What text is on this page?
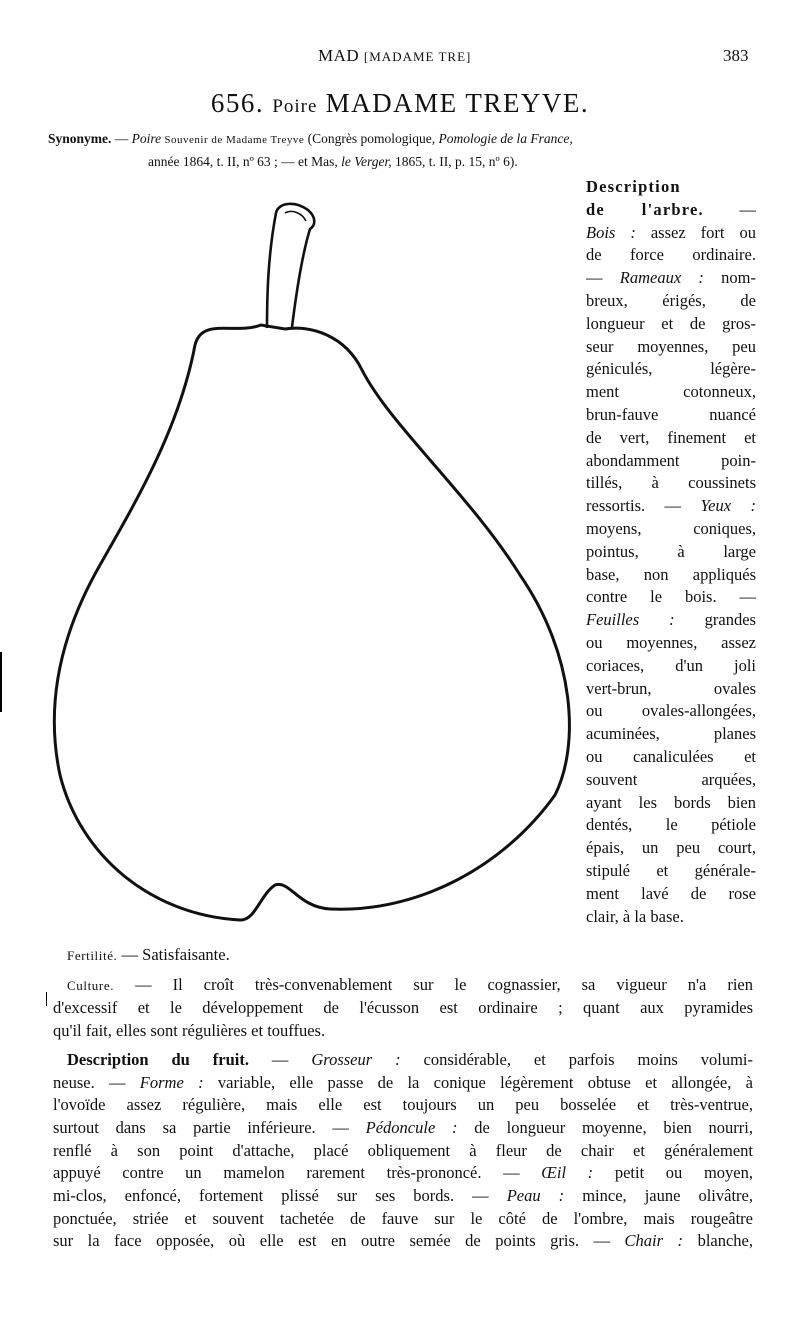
MAD [MADAME TRE]	383
656. Poire MADAME TREYVE.
Synonyme. — Poire Souvenir de Madame Treyve (Congrès pomologique, Pomologie de la France,
année 1864, t. II, nº 63 ; — et Mas, le Verger, 1865, t. II, p. 15, nº 6).
Description
de l'arbre. —
Bois : assez fort ou
de force ordinaire.
— Rameaux : nom-
breux, érigés, de
longueur et de gros-
seur moyennes, peu
géniculés, légère-
ment cotonneux,
brun-fauve nuancé
de vert, finement et
abondamment poin-
tillés, à coussinets
ressortis. — Yeux :
moyens, coniques,
pointus, à large
base, non appliqués
contre le bois. —
Feuilles : grandes
ou moyennes, assez
coriaces, d'un joli
vert-brun, ovales
ou ovales-allongées,
acuminées, planes
ou canaliculées et
souvent arquées,
ayant les bords bien
dentés, le pétiole
épais, un peu court,
stipulé et générale-
ment lavé de rose
clair, à la base.
Fertilité. — Satisfaisante.
Culture. — Il croît très-convenablement sur le cognassier, sa vigueur n'a rien
d'excessif et le développement de l'écusson est ordinaire ; quant aux pyramides
qu'il fait, elles sont régulières et touffues.
Description du fruit. — Grosseur : considérable, et parfois moins volumi-
neuse. — Forme : variable, elle passe de la conique légèrement obtuse et allongée, à
l'ovoïde assez régulière, mais elle est toujours un peu bosselée et très-ventrue,
surtout dans sa partie inférieure. — Pédoncule : de longueur moyenne, bien nourri,
renflé à son point d'attache, placé obliquement à fleur de chair et généralement
appuyé contre un mamelon rarement très-prononcé. — Œil : petit ou moyen,
mi-clos, enfoncé, fortement plissé sur ses bords. — Peau : mince, jaune olivâtre,
ponctuée, striée et souvent tachetée de fauve sur le côté de l'ombre, mais rougeâtre
sur la face opposée, où elle est en outre semée de points gris. — Chair : blanche,
